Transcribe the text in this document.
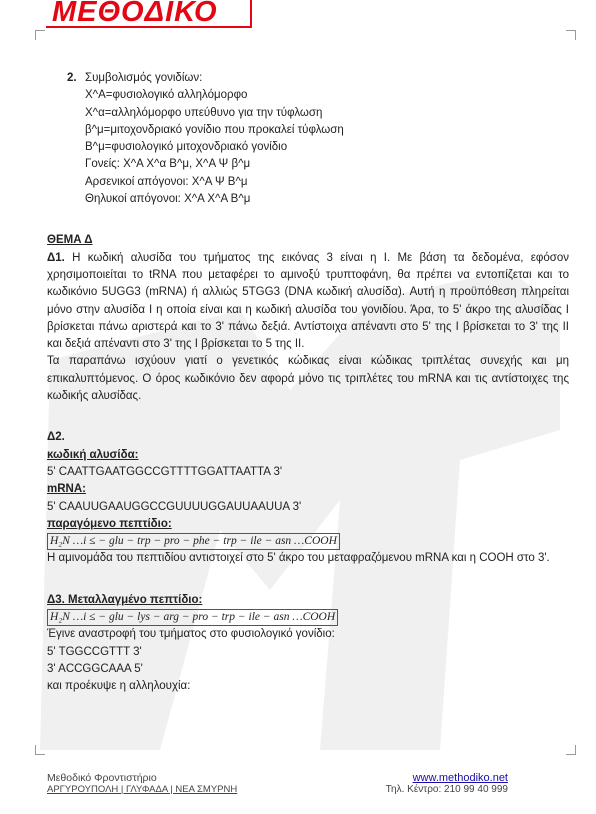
ΜΕΘΟΔΙΚΟ
2. Συμβολισμός γονιδίων:
X^A=φυσιολογικό αλληλόμορφο
X^α=αλληλόμορφο υπεύθυνο για την τύφλωση
β^μ=μιτοχονδριακό γονίδιο που προκαλεί τύφλωση
B^μ=φυσιολογικό μιτοχονδριακό γονίδιο
Γονείς: X^A X^α B^μ, X^A Ψ β^μ
Αρσενικοί απόγονοι: X^A Ψ B^μ
Θηλυκοί απόγονοι: X^A X^A B^μ
ΘΕΜΑ Δ
Δ1. Η κωδική αλυσίδα του τμήματος της εικόνας 3 είναι η Ι. Με βάση τα δεδομένα, εφόσον χρησιμοποιείται το tRNA που μεταφέρει το αμινοξύ τρυπτοφάνη, θα πρέπει να εντοπίζεται και το κωδικόνιο 5UGG3 (mRNA) ή αλλιώς 5TGG3 (DNA κωδική αλυσίδα). Αυτή η προϋπόθεση πληρείται μόνο στην αλυσίδα Ι η οποία είναι και η κωδική αλυσίδα του γονιδίου. Άρα, το 5' άκρο της αλυσίδας Ι βρίσκεται πάνω αριστερά και το 3' πάνω δεξιά. Αντίστοιχα απέναντι στο 5' της Ι βρίσκεται το 3' της ΙΙ και δεξιά απέναντι στο 3' της Ι βρίσκεται το 5 της ΙΙ.
Τα παραπάνω ισχύουν γιατί ο γενετικός κώδικας είναι κώδικας τριπλέτας συνεχής και μη επικαλυπτόμενος. Ο όρος κωδικόνιο δεν αφορά μόνο τις τριπλέτες του mRNA και τις αντίστοιχες της κωδικής αλυσίδας.
Δ2.
κωδική αλυσίδα:
5' CAATTGAATGGCCGTTTTGGATTAATTA 3'
mRNA:
5' CAAUUGAAUGGCCGUUUUGGAUUAAUUA 3'
παραγόμενο πεπτίδιο:
H₂N …i ≤ − glu − trp − pro − phe − trp − ile − asn …COOH
Η αμινομάδα του πεπτιδίου αντιστοιχεί στο 5' άκρο του μεταφραζόμενου mRNA και η COOH στο 3'.
Δ3. Μεταλλαγμένο πεπτίδιο:
H₂N …i ≤ − glu − lys − arg − pro − trp − ile − asn …COOH
Έγινε αναστροφή του τμήματος στο φυσιολογικό γονίδιο:
5' TGGCCGTTT 3'
3' ACCGGCAAA 5'
και προέκυψε η αλληλουχία:
Μεθοδικό Φροντιστήριο
ΑΡΓΥΡΟΥΠΟΛΗ | ΓΛΥΦΑΔΑ | ΝΕΑ ΣΜΥΡΝΗ
www.methodiko.net
Τηλ. Κέντρο: 210 99 40 999
